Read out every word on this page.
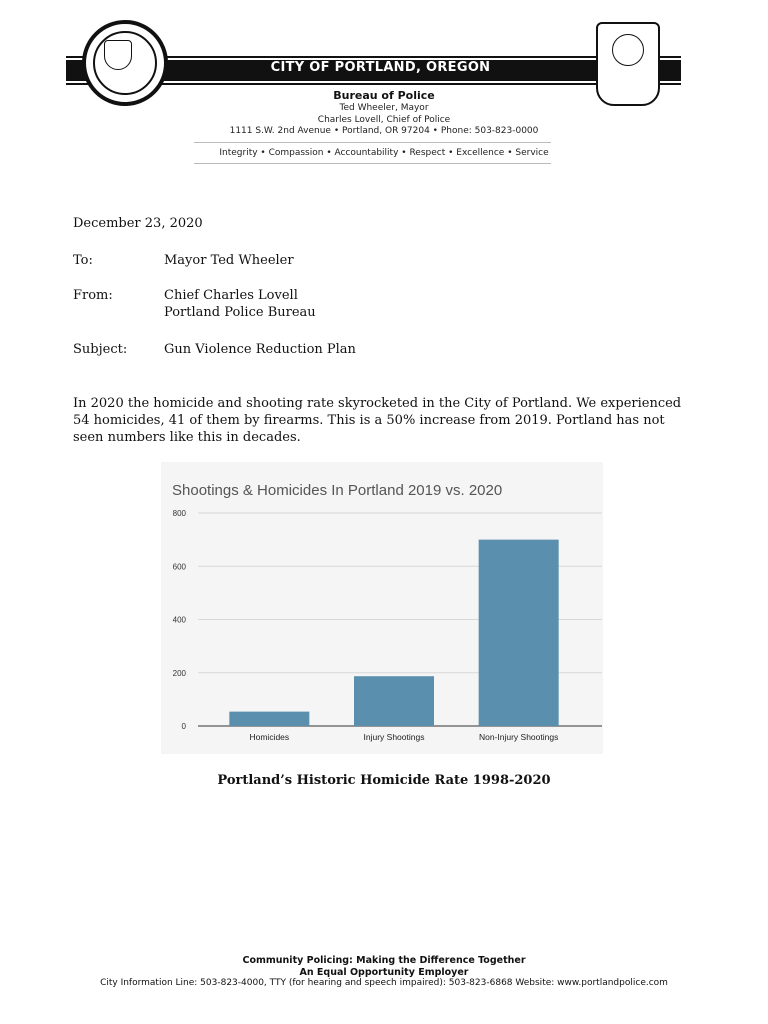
CITY OF PORTLAND, OREGON
Bureau of Police
Ted Wheeler, Mayor
Charles Lovell, Chief of Police
1111 S.W. 2nd Avenue • Portland, OR 97204 • Phone: 503-823-0000
Integrity • Compassion • Accountability • Respect • Excellence • Service
December 23, 2020
To:	Mayor Ted Wheeler
From:	Chief Charles Lovell
Portland Police Bureau
Subject:	Gun Violence Reduction Plan

In 2020 the homicide and shooting rate skyrocketed in the City of Portland. We experienced 54 homicides, 41 of them by firearms. This is a 50% increase from 2019. Portland has not seen numbers like this in decades.

Shootings & Homicides In Portland 2019 vs. 2020
0
200
400
600
800
Homicides	Injury Shootings	Non-Injury Shootings
Portland’s Historic Homicide Rate 1998-2020
Community Policing: Making the Difference Together
An Equal Opportunity Employer
City Information Line: 503-823-4000, TTY (for hearing and speech impaired): 503-823-6868 Website: www.portlandpolice.com
